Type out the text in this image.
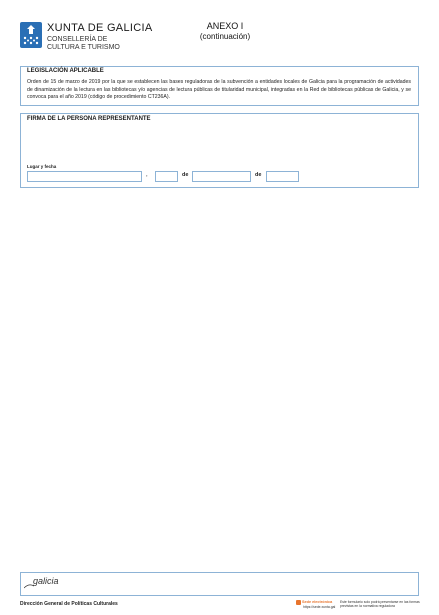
XUNTA DE GALICIA
CONSELLERÍA DE
CULTURA E TURISMO
ANEXO I
(continuación)
LEGISLACIÓN APLICABLE
Orden de 15 de marzo de 2019 por la que se establecen las bases reguladoras de la subvención a entidades locales de Galicia para la programación de actividades de dinamización de la lectura en las bibliotecas y/o agencias de lectura públicas de titularidad municipal, integradas en la Red de bibliotecas públicas de Galicia, y se convoca para el año 2019 (código de procedimiento CT236A).
FIRMA DE LA PERSONA REPRESENTANTE
Lugar y fecha
,	de	de
galicia
Dirección General de Políticas Culturales	Sede electrónica
https://sede.xunta.gal
Este formulario solo podrá presentarse en las formas previstas en la normativa reguladora
